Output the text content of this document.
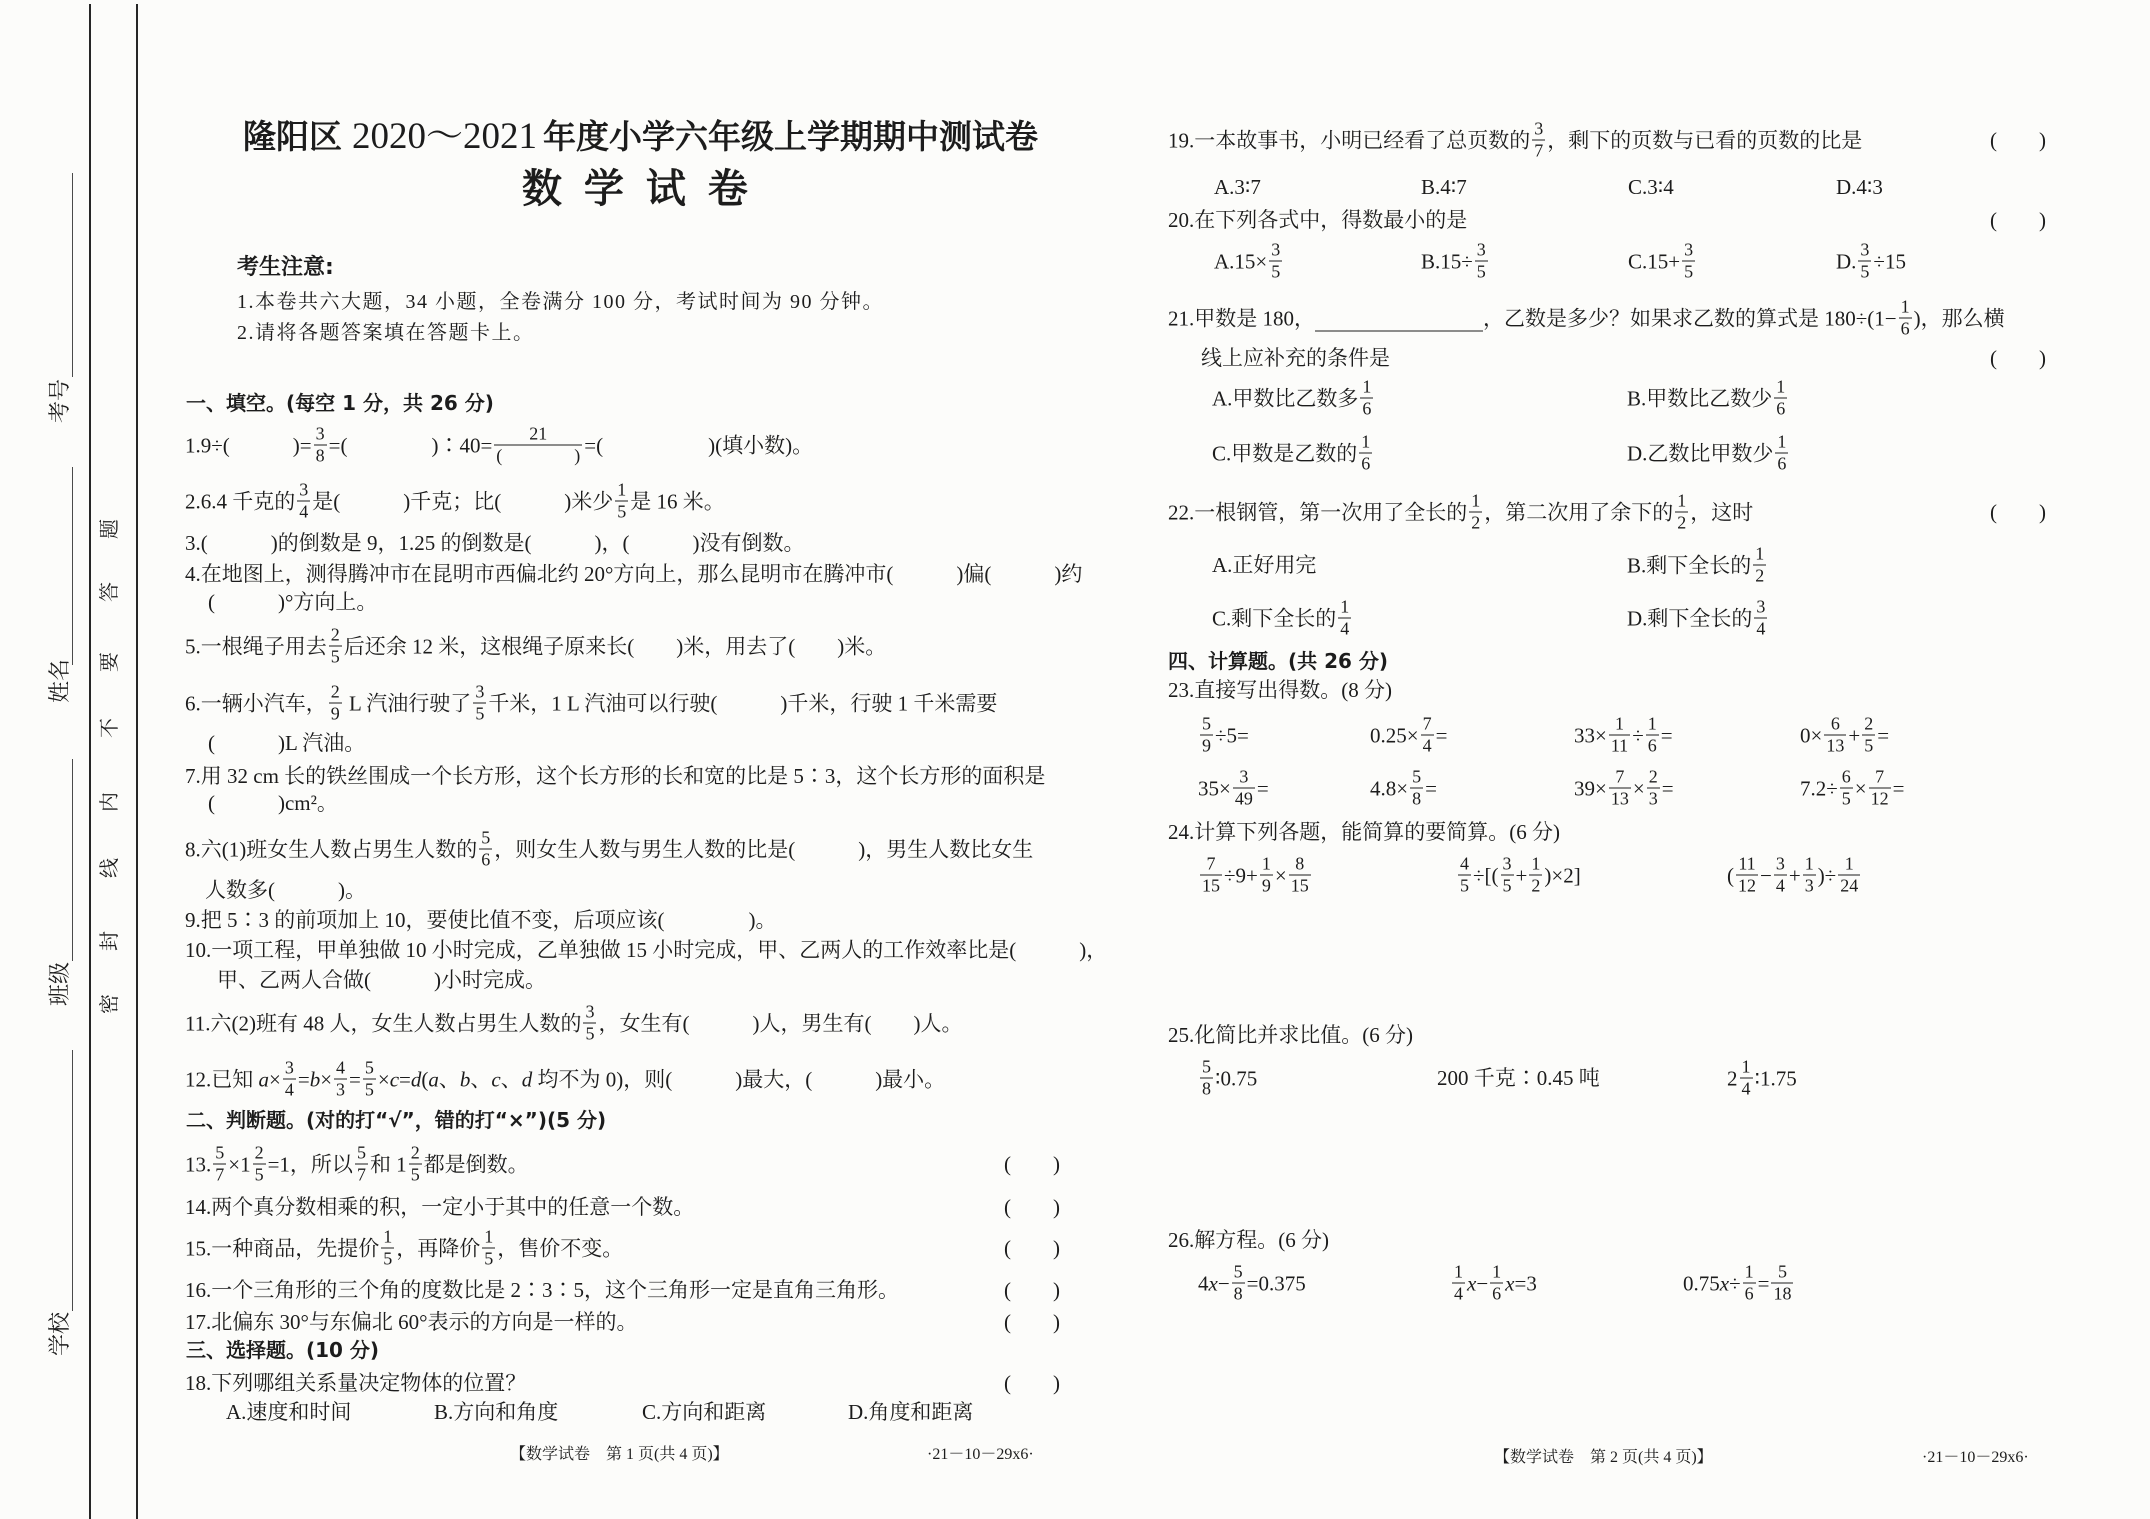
学校
班级
姓名
考号
密
封
线
内
不
要
答
题
隆阳区 2020～2021 年度小学六年级上学期期中测试卷
数 学 试 卷
考生注意:
1.本卷共六大题，34 小题，全卷满分 100 分，考试时间为 90 分钟。
2.请将各题答案填在答题卡上。
一、填空。(每空 1 分，共 26 分)
1.9÷(　　　)= $\frac{3}{8}$ =(　　　　)∶40= $\frac{21}{( )}$ =(　　　　　)(填小数)。
2.6.4 千克的 $\frac{3}{4}$ 是(　　　)千克；比(　　　)米少 $\frac{1}{5}$ 是 16 米。
3.(　　　)的倒数是 9，1.25 的倒数是(　　　)，(　　　)没有倒数。
4.在地图上，测得腾冲市在昆明市西偏北约 20°方向上，那么昆明市在腾冲市(　　　)偏(　　　)约
(　　　)°方向上。
5.一根绳子用去 $\frac{2}{5}$ 后还余 12 米，这根绳子原来长(　　)米，用去了(　　)米。
6.一辆小汽车， $\frac{2}{9}$ L 汽油行驶了 $\frac{3}{5}$ 千米，1 L 汽油可以行驶(　　　)千米，行驶 1 千米需要
(　　　)L 汽油。
7.用 32 cm 长的铁丝围成一个长方形，这个长方形的长和宽的比是 5∶3，这个长方形的面积是
(　　　)cm²。
8.六(1)班女生人数占男生人数的 $\frac{5}{6}$ ，则女生人数与男生人数的比是(　　　)，男生人数比女生
人数多(　　　)。
9.把 5∶3 的前项加上 10，要使比值不变，后项应该(　　　　)。
10.一项工程，甲单独做 10 小时完成，乙单独做 15 小时完成，甲、乙两人的工作效率比是(　　　)，
甲、乙两人合做(　　　)小时完成。
11.六(2)班有 48 人，女生人数占男生人数的 $\frac{3}{5}$ ，女生有(　　　)人，男生有(　　)人。
12.已知 $a \times \frac{3}{4} = b \times \frac{4}{3} = \frac{5}{5} \times c = d$ ( a 、 b 、 c 、 d 均不为 0)，则(　　　)最大，(　　　)最小。
二、判断题。(对的打“√”，错的打“×”)(5 分)
13. $\frac{5}{7} \times 1 \frac{2}{5} =1$，所以 $\frac{5}{7}$ 和 $1 \frac{2}{5}$ 都是倒数。	(　　)
14.两个真分数相乘的积，一定小于其中的任意一个数。	(　　)
15.一种商品，先提价 $\frac{1}{5}$ ，再降价 $\frac{1}{5}$ ，售价不变。	(　　)
16.一个三角形的三个角的度数比是 2∶3∶5，这个三角形一定是直角三角形。	(　　)
17.北偏东 30°与东偏北 60°表示的方向是一样的。	(　　)
三、选择题。(10 分)
18.下列哪组关系量决定物体的位置？	(　　)
A.速度和时间	B.方向和角度	C.方向和距离	D.角度和距离
【数学试卷　第 1 页(共 4 页)】	·21－10－29x6·
19.一本故事书，小明已经看了总页数的 $\frac{3}{7}$ ，剩下的页数与已看的页数的比是	(　　)
A.3∶7	B.4∶7	C.3∶4	D.4∶3
20.在下列各式中，得数最小的是	(　　)
$A.15\times \frac{3}{5}$	$B.15\div \frac{3}{5}$	$C.15+ \frac{3}{5}$	D. $\frac{3}{5} \div 15$
21.甲数是 180，
　　　　　　　　	，乙数是多少？如果求乙数的算式是 $180\div(1- \frac{1}{6}$ )，那么横
线上应补充的条件是	(　　)
A.甲数比乙数多 $\frac{1}{6}$	B.甲数比乙数少 $\frac{1}{6}$
C.甲数是乙数的 $\frac{1}{6}$	D.乙数比甲数少 $\frac{1}{6}$
22.一根钢管，第一次用了全长的 $\frac{1}{2}$ ，第二次用了余下的 $\frac{1}{2}$ ，这时	(　　)
A.正好用完	B.剩下全长的 $\frac{1}{2}$
C.剩下全长的 $\frac{1}{4}$	D.剩下全长的 $\frac{3}{4}$
四、计算题。(共 26 分)
23.直接写出得数。(8 分)
$\frac{5}{9} \div 5=$	$0.25\times \frac{7}{4}$ =	$33\times \frac{1}{11} \div \frac{1}{6}$ =	$0\times \frac{6}{13} + \frac{2}{5}$ =
$35\times \frac{3}{49}$ =	$4.8\times \frac{5}{8}$ =	$39\times \frac{7}{13} \times \frac{2}{3}$ =	$7.2\div \frac{6}{5} \times \frac{7}{12}$ =
24.计算下列各题，能简算的要简算。(6 分)
$\frac{7}{15} \div 9+ \frac{1}{9} \times \frac{8}{15}$	$\frac{4}{5}$ ÷[( $\frac{3}{5} + \frac{1}{2} )\times 2$]	( $\frac{11}{12} - \frac{3}{4} + \frac{1}{3}$ )÷ $\frac{1}{24}$
25.化简比并求比值。(6 分)
$\frac{5}{8}$ ∶0.75	200 千克∶0.45 吨	$2 \frac{1}{4}$ ∶1.75
26.解方程。(6 分)
4 $x - \frac{5}{8} =0.375$	$\frac{1}{4}$ $x - \frac{1}{6}$ x =3	0.75 $x \div \frac{1}{6} = \frac{5}{18}$
【数学试卷　第 2 页(共 4 页)】	·21－10－29x6·
